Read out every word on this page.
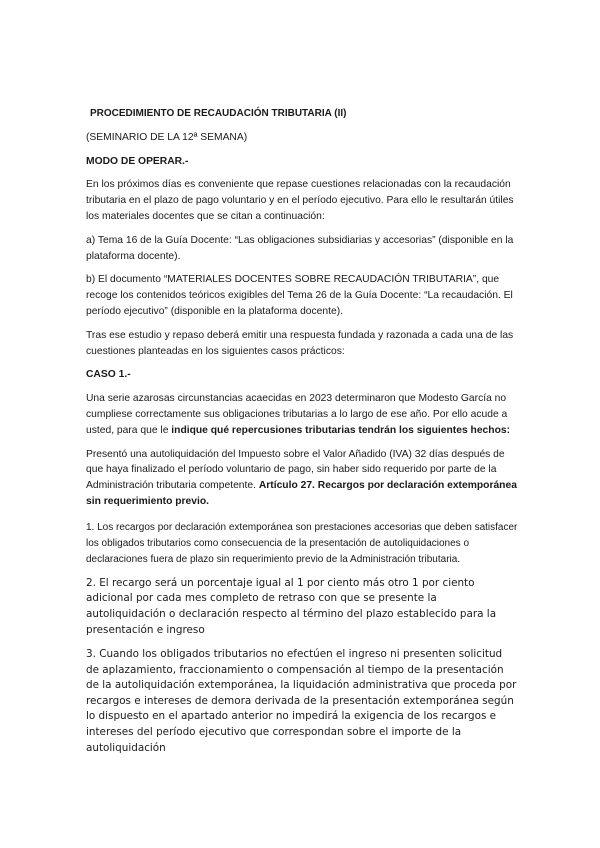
PROCEDIMIENTO DE RECAUDACIÓN TRIBUTARIA (II)

(SEMINARIO DE LA 12ª SEMANA)

MODO DE OPERAR.-

En los próximos días es conveniente que repase cuestiones relacionadas con la recaudación tributaria en el plazo de pago voluntario y en el período ejecutivo. Para ello le resultarán útiles los materiales docentes que se citan a continuación:

a) Tema 16 de la Guía Docente: “Las obligaciones subsidiarias y accesorias” (disponible en la plataforma docente).

b) El documento “MATERIALES DOCENTES SOBRE RECAUDACIÓN TRIBUTARIA”, que recoge los contenidos teóricos exigibles del Tema 26 de la Guía Docente: “La recaudación. El período ejecutivo” (disponible en la plataforma docente).

Tras ese estudio y repaso deberá emitir una respuesta fundada y razonada a cada una de las cuestiones planteadas en los siguientes casos prácticos:

CASO 1.-

Una serie azarosas circunstancias acaecidas en 2023 determinaron que Modesto García no cumpliese correctamente sus obligaciones tributarias a lo largo de ese año. Por ello acude a usted, para que le indique qué repercusiones tributarias tendrán los siguientes hechos:

Presentó una autoliquidación del Impuesto sobre el Valor Añadido (IVA) 32 días después de que haya finalizado el período voluntario de pago, sin haber sido requerido por parte de la Administración tributaria competente. Artículo 27. Recargos por declaración extemporánea sin requerimiento previo.

1. Los recargos por declaración extemporánea son prestaciones accesorias que deben satisfacer los obligados tributarios como consecuencia de la presentación de autoliquidaciones o declaraciones fuera de plazo sin requerimiento previo de la Administración tributaria.

2. El recargo será un porcentaje igual al 1 por ciento más otro 1 por ciento adicional por cada mes completo de retraso con que se presente la autoliquidación o declaración respecto al término del plazo establecido para la presentación e ingreso

3. Cuando los obligados tributarios no efectúen el ingreso ni presenten solicitud de aplazamiento, fraccionamiento o compensación al tiempo de la presentación de la autoliquidación extemporánea, la liquidación administrativa que proceda por recargos e intereses de demora derivada de la presentación extemporánea según lo dispuesto en el apartado anterior no impedirá la exigencia de los recargos e intereses del período ejecutivo que correspondan sobre el importe de la autoliquidación
